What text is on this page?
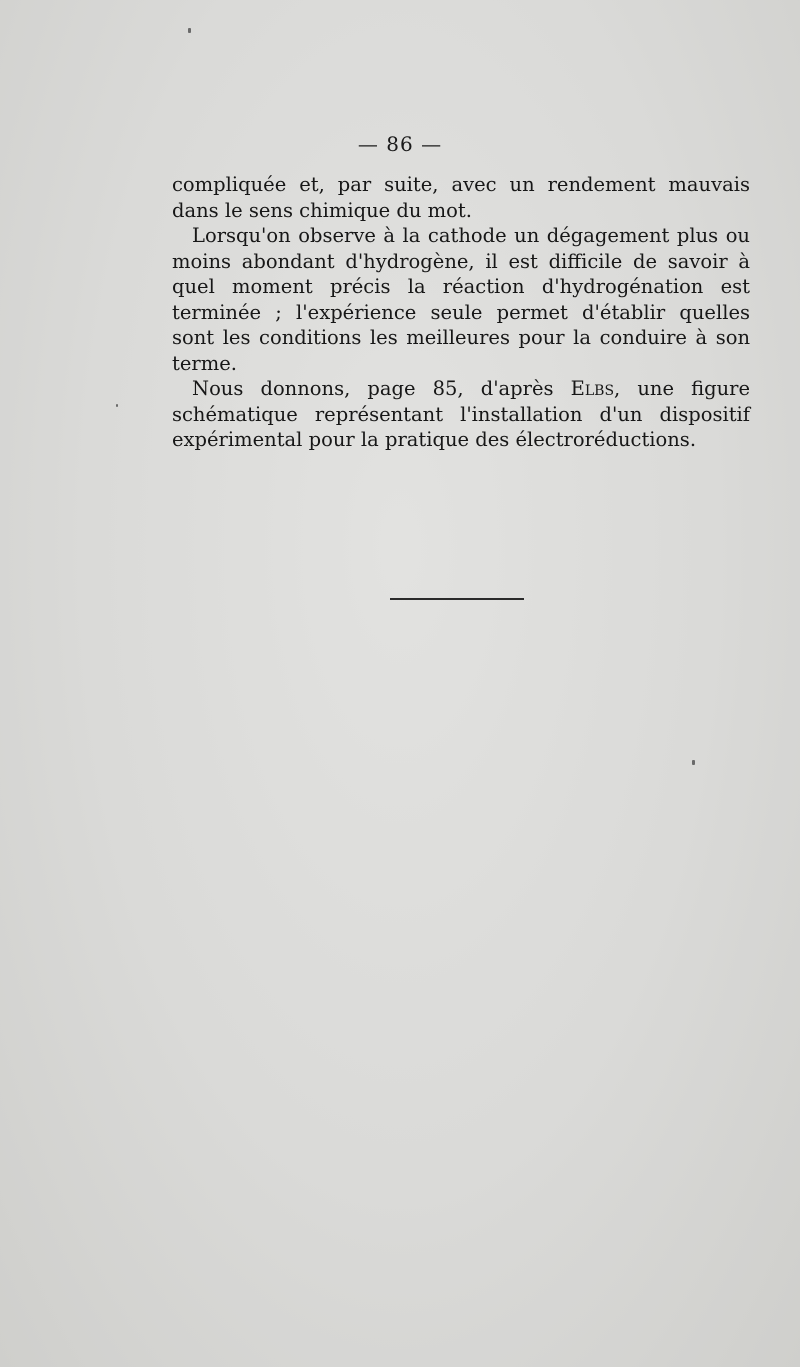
— 86 —

compliquée et, par suite, avec un rendement mauvais dans le sens chimique du mot.

Lorsqu'on observe à la cathode un dégagement plus ou moins abondant d'hydrogène, il est difficile de savoir à quel moment précis la réaction d'hydrogénation est terminée ; l'expérience seule permet d'établir quelles sont les conditions les meilleures pour la conduire à son terme.

Nous donnons, page 85, d'après Elbs, une figure schématique représentant l'installation d'un dispositif expérimental pour la pratique des électroréductions.
